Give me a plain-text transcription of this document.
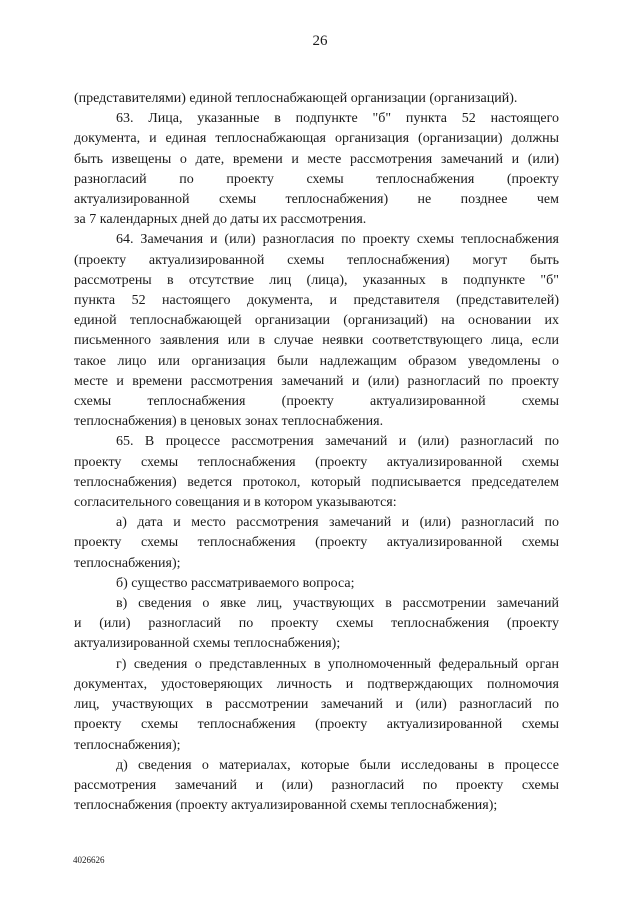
26
(представителями) единой теплоснабжающей организации (организаций).
63. Лица, указанные в подпункте "б" пункта 52 настоящего
документа, и единая теплоснабжающая организация (организации) должны
быть извещены о дате, времени и месте рассмотрения замечаний и (или)
разногласий по проекту схемы теплоснабжения (проекту
актуализированной схемы теплоснабжения) не позднее чем
за 7 календарных дней до даты их рассмотрения.
64. Замечания и (или) разногласия по проекту схемы теплоснабжения
(проекту актуализированной схемы теплоснабжения) могут быть
рассмотрены в отсутствие лиц (лица), указанных в подпункте "б"
пункта 52 настоящего документа, и представителя (представителей)
единой теплоснабжающей организации (организаций) на основании их
письменного заявления или в случае неявки соответствующего лица, если
такое лицо или организация были надлежащим образом уведомлены о
месте и времени рассмотрения замечаний и (или) разногласий по проекту
схемы теплоснабжения (проекту актуализированной схемы
теплоснабжения) в ценовых зонах теплоснабжения.
65. В процессе рассмотрения замечаний и (или) разногласий по
проекту схемы теплоснабжения (проекту актуализированной схемы
теплоснабжения) ведется протокол, который подписывается председателем
согласительного совещания и в котором указываются:
а) дата и место рассмотрения замечаний и (или) разногласий по
проекту схемы теплоснабжения (проекту актуализированной схемы
теплоснабжения);
б) существо рассматриваемого вопроса;
в) сведения о явке лиц, участвующих в рассмотрении замечаний
и (или) разногласий по проекту схемы теплоснабжения (проекту
актуализированной схемы теплоснабжения);
г) сведения о представленных в уполномоченный федеральный орган
документах, удостоверяющих личность и подтверждающих полномочия
лиц, участвующих в рассмотрении замечаний и (или) разногласий по
проекту схемы теплоснабжения (проекту актуализированной схемы
теплоснабжения);
д) сведения о материалах, которые были исследованы в процессе
рассмотрения замечаний и (или) разногласий по проекту схемы
теплоснабжения (проекту актуализированной схемы теплоснабжения);
4026626
